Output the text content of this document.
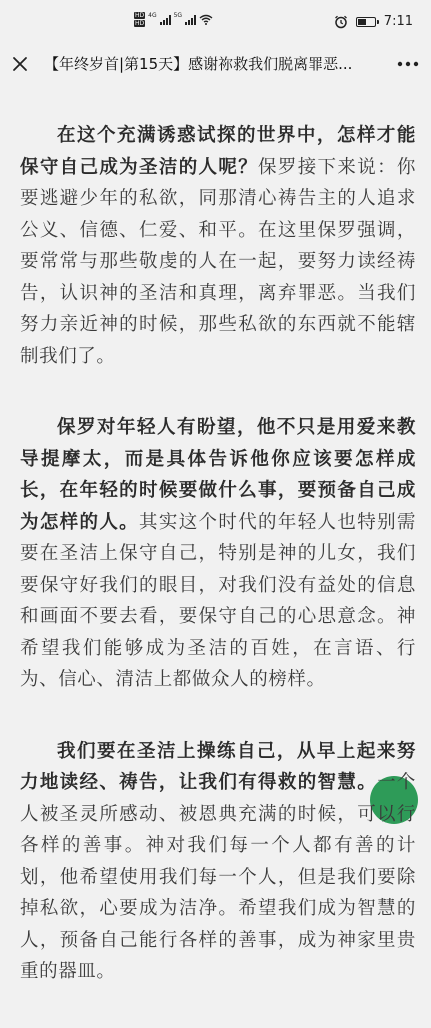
HD
HD
4G	5G	7:11
【年终岁首|第15天】感谢祢救我们脱离罪恶...

在这个充满诱惑试探的世界中，怎样才能保守自己成为圣洁的人呢？保罗接下来说：你要逃避少年的私欲，同那清心祷告主的人追求公义、信德、仁爱、和平。在这里保罗强调，要常常与那些敬虔的人在一起，要努力读经祷告，认识神的圣洁和真理，离弃罪恶。当我们努力亲近神的时候，那些私欲的东西就不能辖制我们了。

保罗对年轻人有盼望，他不只是用爱来教导提摩太，而是具体告诉他你应该要怎样成长，在年轻的时候要做什么事，要预备自己成为怎样的人。其实这个时代的年轻人也特别需要在圣洁上保守自己，特别是神的儿女，我们要保守好我们的眼目，对我们没有益处的信息和画面不要去看，要保守自己的心思意念。神希望我们能够成为圣洁的百姓，在言语、行为、信心、清洁上都做众人的榜样。

我们要在圣洁上操练自己，从早上起来努力地读经、祷告，让我们有得救的智慧。一个人被圣灵所感动、被恩典充满的时候，可以行各样的善事。神对我们每一个人都有善的计划，他希望使用我们每一个人，但是我们要除掉私欲，心要成为洁净。希望我们成为智慧的人，预备自己能行各样的善事，成为神家里贵重的器皿。
